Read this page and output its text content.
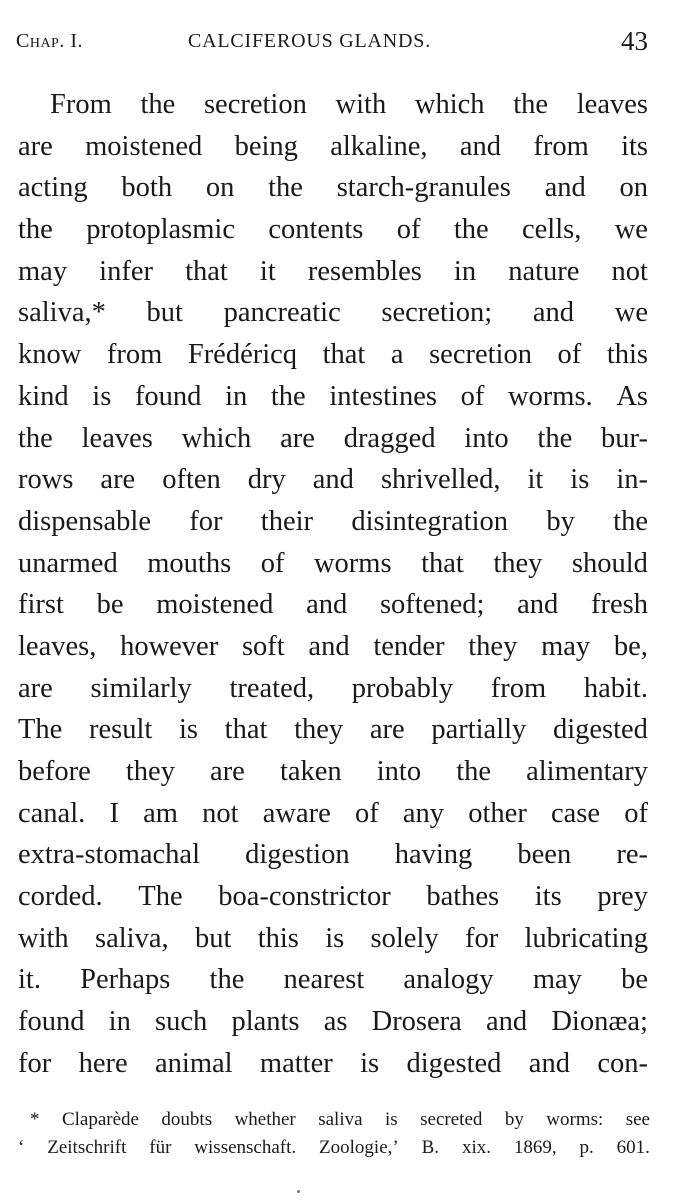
Chap. I.	CALCIFEROUS GLANDS.	43
From the secretion with which the leaves
are moistened being alkaline, and from its
acting both on the starch-granules and on
the protoplasmic contents of the cells, we
may infer that it resembles in nature not
saliva,* but pancreatic secretion; and we
know from Frédéricq that a secretion of this
kind is found in the intestines of worms. As
the leaves which are dragged into the bur-
rows are often dry and shrivelled, it is in-
dispensable for their disintegration by the
unarmed mouths of worms that they should
first be moistened and softened; and fresh
leaves, however soft and tender they may be,
are similarly treated, probably from habit.
The result is that they are partially digested
before they are taken into the alimentary
canal. I am not aware of any other case of
extra-stomachal digestion having been re-
corded. The boa-constrictor bathes its prey
with saliva, but this is solely for lubricating
it. Perhaps the nearest analogy may be
found in such plants as Drosera and Dionæa;
for here animal matter is digested and con-
* Claparède doubts whether saliva is secreted by worms: see
‘ Zeitschrift für wissenschaft. Zoologie,’ B. xix. 1869, p. 601.
